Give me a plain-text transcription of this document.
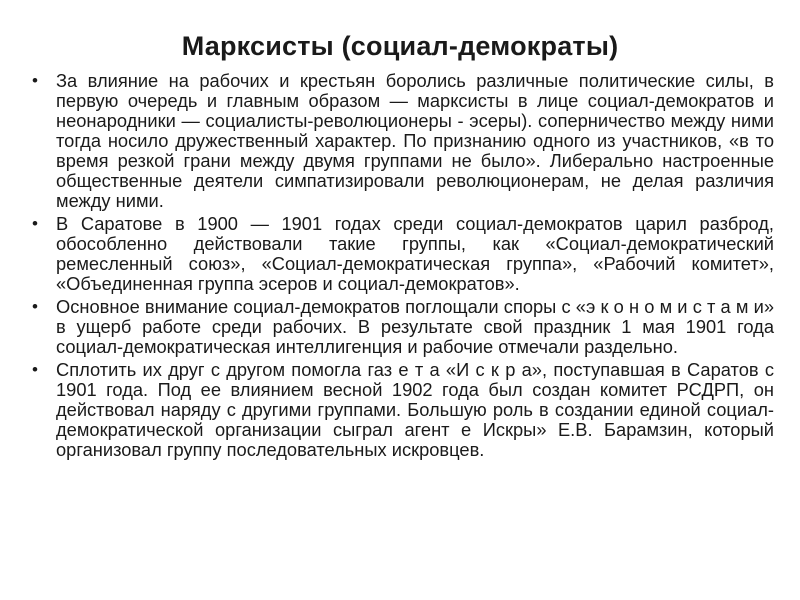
Марксисты (социал-демократы)
• За влияние на рабочих и крестьян боролись различные политические силы, в первую очередь и главным образом — марксисты в лице социал-демократов и неонародники — социалисты-революционеры - эсеры). соперничество между ними тогда носило дружественный характер. По признанию одного из участников, «в то время резкой грани между двумя группами не было». Либерально настроенные общественные деятели симпатизировали революционерам, не делая различия между ними.
• В Саратове в 1900 — 1901 годах среди социал-демократов царил разброд, обособленно действовали такие группы, как «Социал-демократический ремесленный союз», «Социал-демократическая группа», «Рабочий комитет», «Объединенная группа эсеров и социал-демократов».
• Основное внимание социал-демократов поглощали споры с «э к о н о м и с т а м и» в ущерб работе среди рабочих. В результате свой праздник 1 мая 1901 года социал-демократическая интеллигенция и рабочие отмечали раздельно.
• Сплотить их друг с другом помогла газ е т а «И с к р а», поступавшая в Саратов с 1901 года. Под ее влиянием весной 1902 года был создан комитет РСДРП, он действовал наряду с другими группами. Большую роль в создании единой социал-демократической организации сыграл агент е Искры» Е.В. Барамзин, который организовал группу последовательных искровцев.
